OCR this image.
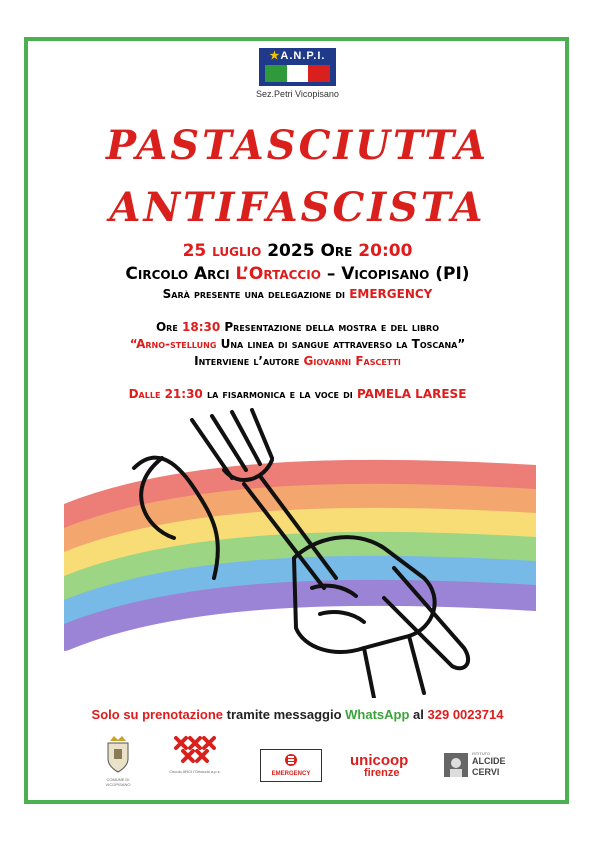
★A.N.P.I.
Sez.Petri Vicopisano
PASTASCIUTTA
ANTIFASCISTA
25 luglio 2025 Ore 20:00
Circolo Arci L’Ortaccio – Vicopisano (PI)
Sarà presente una delegazione di EMERGENCY
Ore 18:30 Presentazione della mostra e del libro
“Arno-stellung Una linea di sangue attraverso la Toscana”
Interviene l’autore Giovanni Fascetti
Dalle 21:30 la fisarmonica e la voce di PAMELA LARESE
Solo su prenotazione tramite messaggio WhatsApp al 329 0023714
COMUNE DI VICOPISANO
Circolo ARCI l'Ortaccio a.p.s.	EMERGENCY
unicoop
firenze
ISTITUTO
ALCIDE
CERVI
